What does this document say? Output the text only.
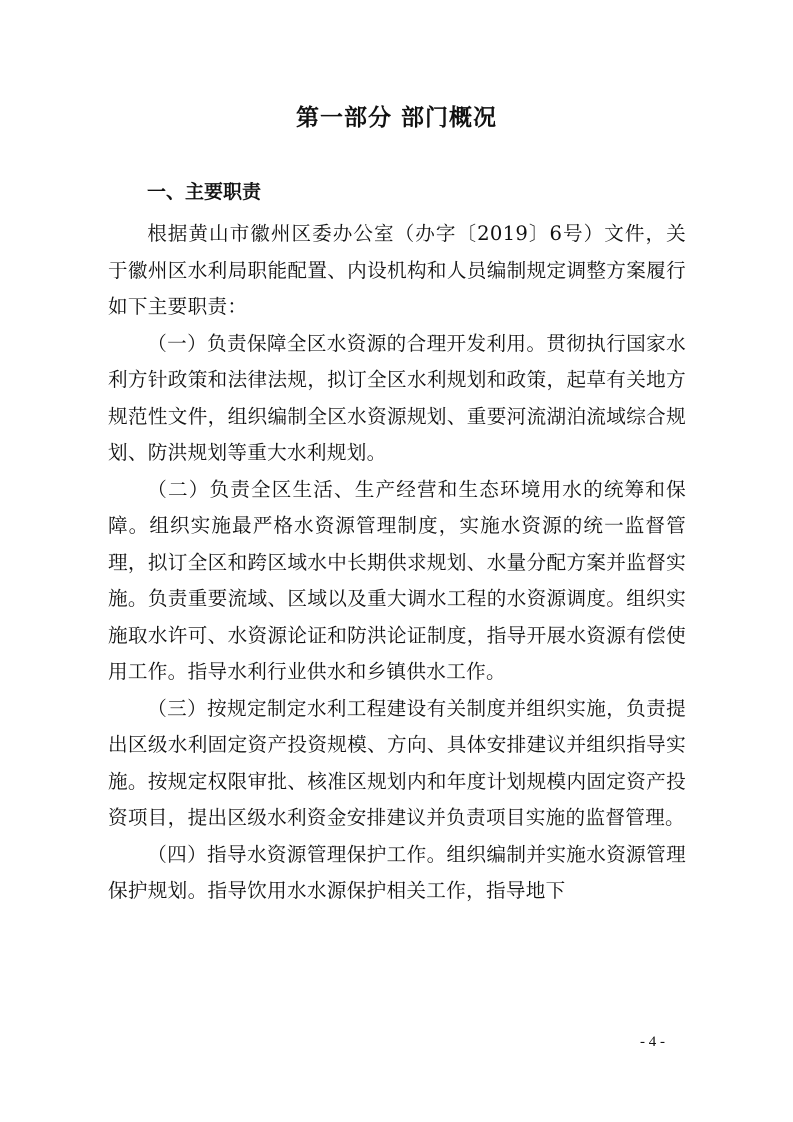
第一部分 部门概况
一、主要职责

根据黄山市徽州区委办公室（办字〔2019〕6号）文件，关于徽州区水利局职能配置、内设机构和人员编制规定调整方案履行如下主要职责：

（一）负责保障全区水资源的合理开发利用。贯彻执行国家水利方针政策和法律法规，拟订全区水利规划和政策，起草有关地方规范性文件，组织编制全区水资源规划、重要河流湖泊流域综合规划、防洪规划等重大水利规划。

（二）负责全区生活、生产经营和生态环境用水的统筹和保障。组织实施最严格水资源管理制度，实施水资源的统一监督管理，拟订全区和跨区域水中长期供求规划、水量分配方案并监督实施。负责重要流域、区域以及重大调水工程的水资源调度。组织实施取水许可、水资源论证和防洪论证制度，指导开展水资源有偿使用工作。指导水利行业供水和乡镇供水工作。

（三）按规定制定水利工程建设有关制度并组织实施，负责提出区级水利固定资产投资规模、方向、具体安排建议并组织指导实施。按规定权限审批、核准区规划内和年度计划规模内固定资产投资项目，提出区级水利资金安排建议并负责项目实施的监督管理。

（四）指导水资源管理保护工作。组织编制并实施水资源管理保护规划。指导饮用水水源保护相关工作，指导地下

- 4 -
